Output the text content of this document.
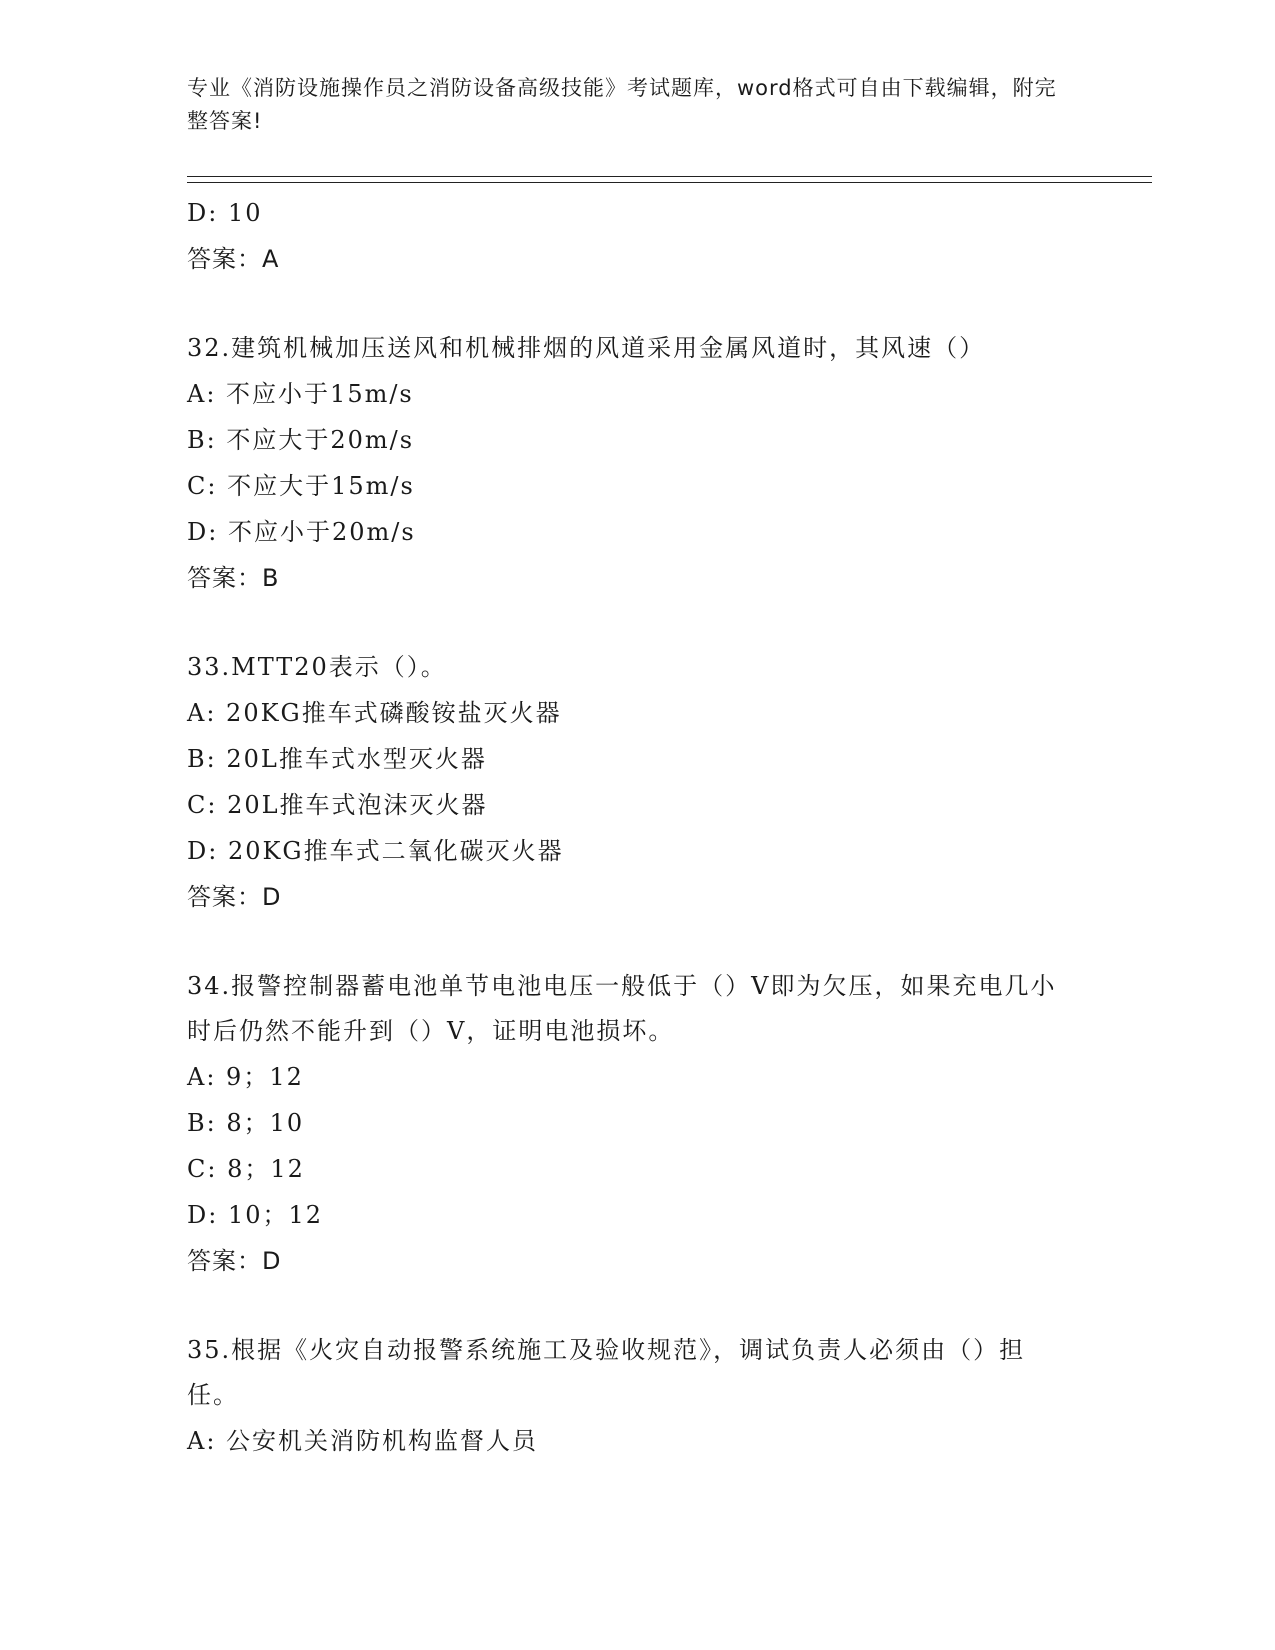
专业《消防设施操作员之消防设备高级技能》考试题库，word格式可自由下载编辑，附完整答案!
D: 10
答案：A
32.建筑机械加压送风和机械排烟的风道采用金属风道时，其风速（）
A: 不应小于15m/s
B: 不应大于20m/s
C: 不应大于15m/s
D: 不应小于20m/s
答案：B
33.MTT20表示（）。
A: 20KG推车式磷酸铵盐灭火器
B: 20L推车式水型灭火器
C: 20L推车式泡沫灭火器
D: 20KG推车式二氧化碳灭火器
答案：D
34.报警控制器蓄电池单节电池电压一般低于（）V即为欠压，如果充电几小时后仍然不能升到（）V，证明电池损坏。
A: 9；12
B: 8；10
C: 8；12
D: 10；12
答案：D
35.根据《火灾自动报警系统施工及验收规范》，调试负责人必须由（）担任。
A: 公安机关消防机构监督人员
